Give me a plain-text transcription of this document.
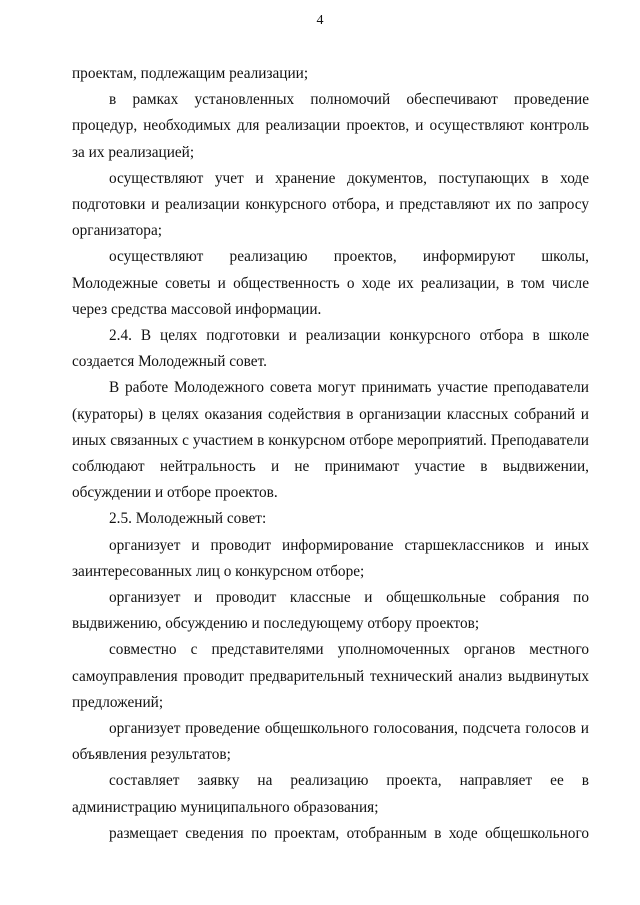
4

проектам, подлежащим реализации;

в рамках установленных полномочий обеспечивают проведение процедур, необходимых для реализации проектов, и осуществляют контроль за их реализацией;

осуществляют учет и хранение документов, поступающих в ходе подготовки и реализации конкурсного отбора, и представляют их по запросу организатора;

осуществляют реализацию проектов, информируют школы, Молодежные советы и общественность о ходе их реализации, в том числе через средства массовой информации.

2.4. В целях подготовки и реализации конкурсного отбора в школе создается Молодежный совет.

В работе Молодежного совета могут принимать участие преподаватели (кураторы) в целях оказания содействия в организации классных собраний и иных связанных с участием в конкурсном отборе мероприятий. Преподаватели соблюдают нейтральность и не принимают участие в выдвижении, обсуждении и отборе проектов.

2.5. Молодежный совет:

организует и проводит информирование старшеклассников и иных заинтересованных лиц о конкурсном отборе;

организует и проводит классные и общешкольные собрания по выдвижению, обсуждению и последующему отбору проектов;

совместно с представителями уполномоченных органов местного самоуправления проводит предварительный технический анализ выдвинутых предложений;

организует проведение общешкольного голосования, подсчета голосов и объявления результатов;

составляет заявку на реализацию проекта, направляет ее в администрацию муниципального образования;

размещает сведения по проектам, отобранным в ходе общешкольного
